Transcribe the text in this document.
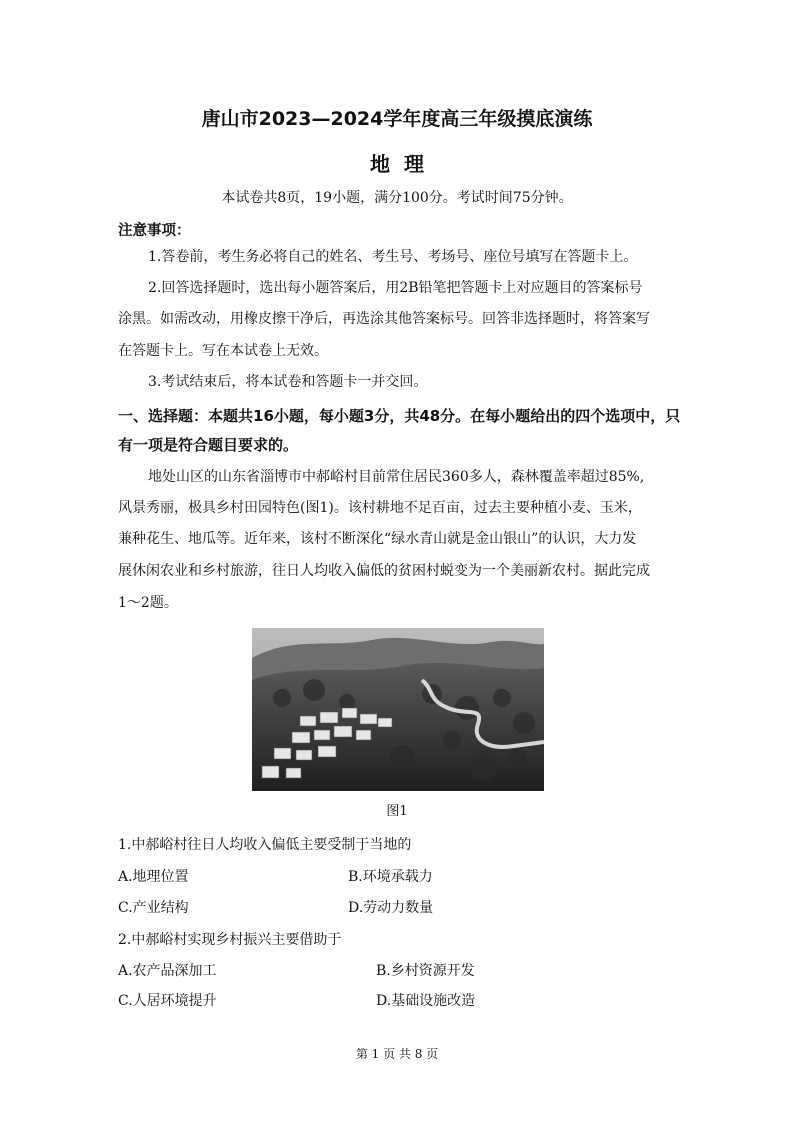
唐山市2023—2024学年度高三年级摸底演练
地理
本试卷共8页，19小题，满分100分。考试时间75分钟。
注意事项：
1.答卷前，考生务必将自己的姓名、考生号、考场号、座位号填写在答题卡上。
2.回答选择题时，选出每小题答案后，用2B铅笔把答题卡上对应题目的答案标号
涂黑。如需改动，用橡皮擦干净后，再选涂其他答案标号。回答非选择题时，将答案写
在答题卡上。写在本试卷上无效。
3.考试结束后，将本试卷和答题卡一并交回。
一、选择题：本题共16小题，每小题3分，共48分。在每小题给出的四个选项中，只
有一项是符合题目要求的。
地处山区的山东省淄博市中郝峪村目前常住居民360多人，森林覆盖率超过85%,
风景秀丽，极具乡村田园特色(图1)。该村耕地不足百亩，过去主要种植小麦、玉米，
兼种花生、地瓜等。近年来，该村不断深化“绿水青山就是金山银山”的认识，大力发
展休闲农业和乡村旅游，往日人均收入偏低的贫困村蜕变为一个美丽新农村。据此完成
1～2题。
图1
1.中郝峪村往日人均收入偏低主要受制于当地的
A.地理位置	B.环境承载力
C.产业结构	D.劳动力数量
2.中郝峪村实现乡村振兴主要借助于
A.农产品深加工	B.乡村资源开发
C.人居环境提升	D.基础设施改造
第 1 页 共 8 页
